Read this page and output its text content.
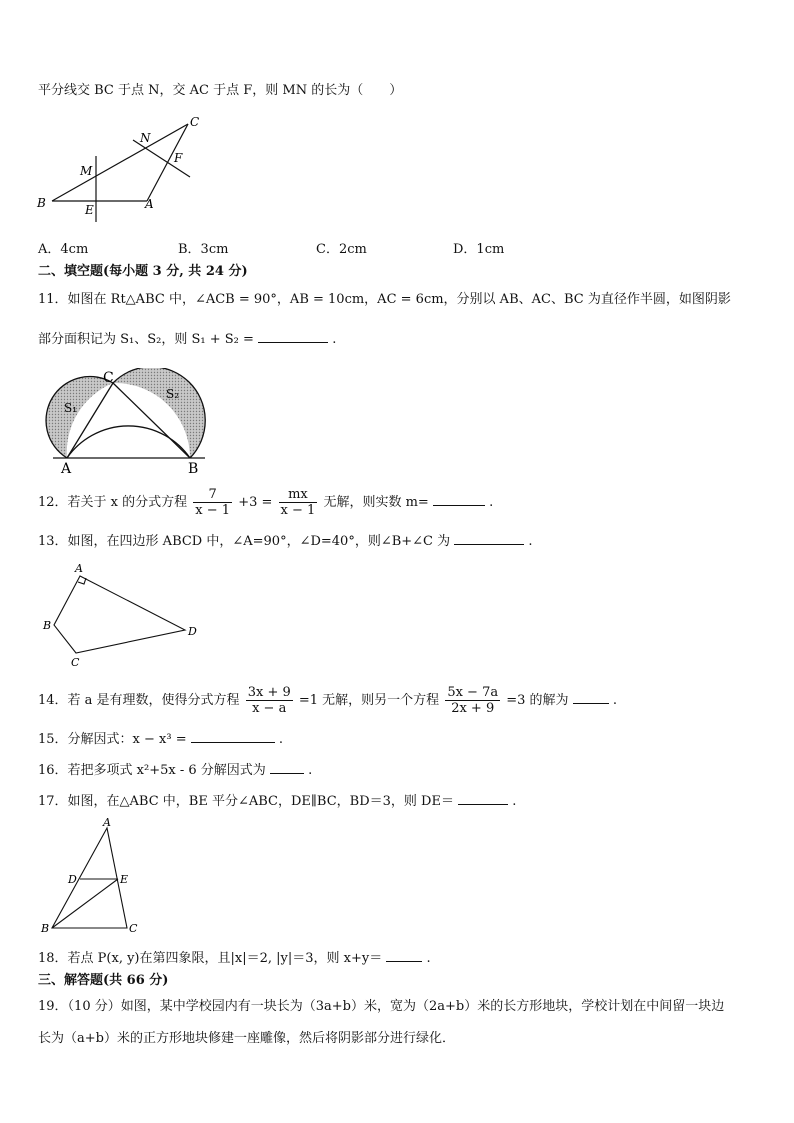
平分线交 BC 于点 N，交 AC 于点 F，则 MN 的长为（　　）
C
N
F
M
B	E	A
A．4cm	B．3cm	C．2cm	D．1cm
二、填空题(每小题 3 分, 共 24 分)
11．如图在 Rt△ABC 中，∠ACB = 90°，AB = 10cm，AC = 6cm，分别以 AB、AC、BC 为直径作半圆，如图阴影
部分面积记为 S₁、S₂，则 S₁ + S₂ =	.
C
S₁
S₂
A	B
12．若关于 x 的分式方程 $\frac{7}{x - 1} +3 = \frac{mx}{x - 1}$ 无解，则实数 m=	.
13．如图，在四边形 ABCD 中，∠A=90°，∠D=40°，则∠B+∠C 为	.
A
B
C
D
14．若 a 是有理数，使得分式方程 $\frac{3x + 9}{x - a} =1$ 无解，则另一个方程 $\frac{5x - 7a}{2x + 9} =3$ 的解为	.
15．分解因式：x − x³ =	.
16．若把多项式 x²+5x - 6 分解因式为	.
17．如图，在△ABC 中，BE 平分∠ABC，DE∥BC，BD＝3，则 DE＝	.
A
D	E
B	C
18．若点 P(x, y)在第四象限，且|x|＝2, |y|＝3，则 x+y＝	.
三、解答题(共 66 分)
19．（10 分）如图，某中学校园内有一块长为（3a+b）米，宽为（2a+b）米的长方形地块，学校计划在中间留一块边
长为（a+b）米的正方形地块修建一座雕像，然后将阴影部分进行绿化．
